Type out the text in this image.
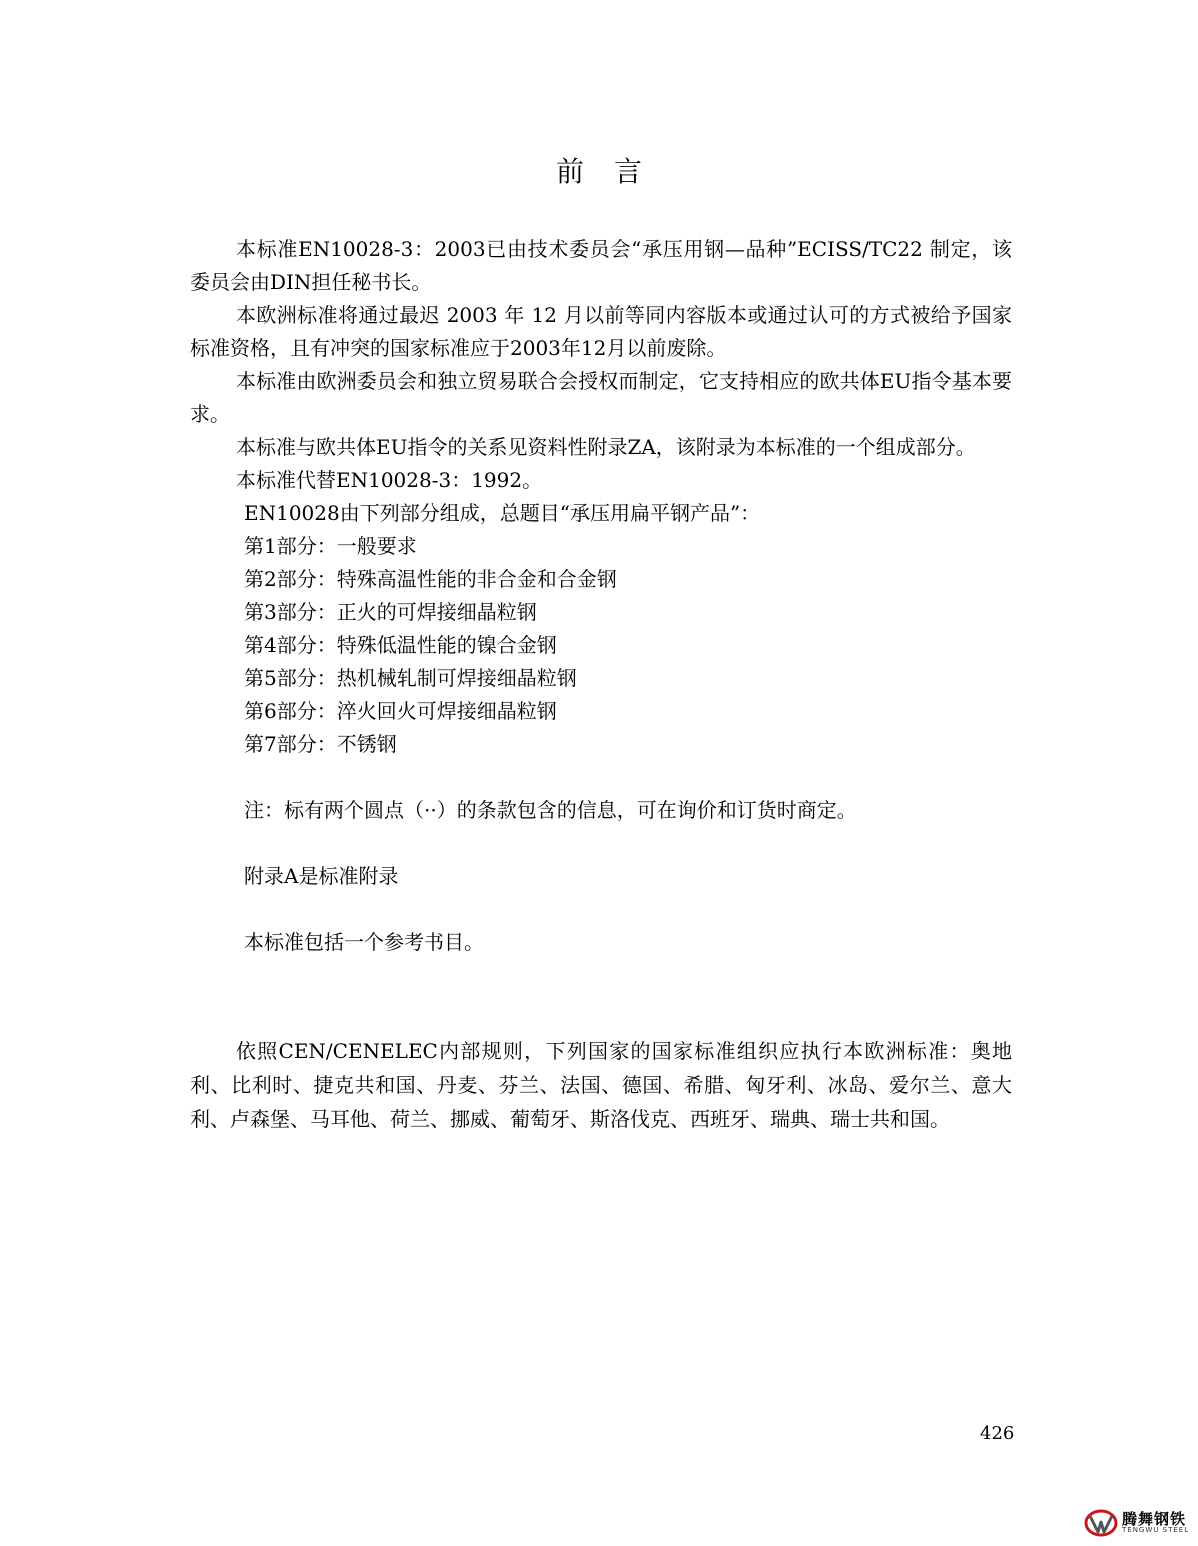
前言

本标准EN10028-3：2003已由技术委员会“承压用钢—品种”ECISS/TC22 制定，该委员会由DIN担任秘书长。

本欧洲标准将通过最迟 2003 年 12 月以前等同内容版本或通过认可的方式被给予国家标准资格，且有冲突的国家标准应于2003年12月以前废除。

本标准由欧洲委员会和独立贸易联合会授权而制定，它支持相应的欧共体EU指令基本要求。

本标准与欧共体EU指令的关系见资料性附录ZA，该附录为本标准的一个组成部分。

本标准代替EN10028-3：1992。

EN10028由下列部分组成，总题目“承压用扁平钢产品”：

第1部分：一般要求

第2部分：特殊高温性能的非合金和合金钢

第3部分：正火的可焊接细晶粒钢

第4部分：特殊低温性能的镍合金钢

第5部分：热机械轧制可焊接细晶粒钢

第6部分：淬火回火可焊接细晶粒钢

第7部分：不锈钢

注：标有两个圆点（··）的条款包含的信息，可在询价和订货时商定。

附录A是标准附录

本标准包括一个参考书目。

依照CEN/CENELEC内部规则，下列国家的国家标准组织应执行本欧洲标准：奥地利、比利时、捷克共和国、丹麦、芬兰、法国、德国、希腊、匈牙利、冰岛、爱尔兰、意大利、卢森堡、马耳他、荷兰、挪威、葡萄牙、斯洛伐克、西班牙、瑞典、瑞士共和国。

426
腾舞钢铁
TENGWU STEEL
